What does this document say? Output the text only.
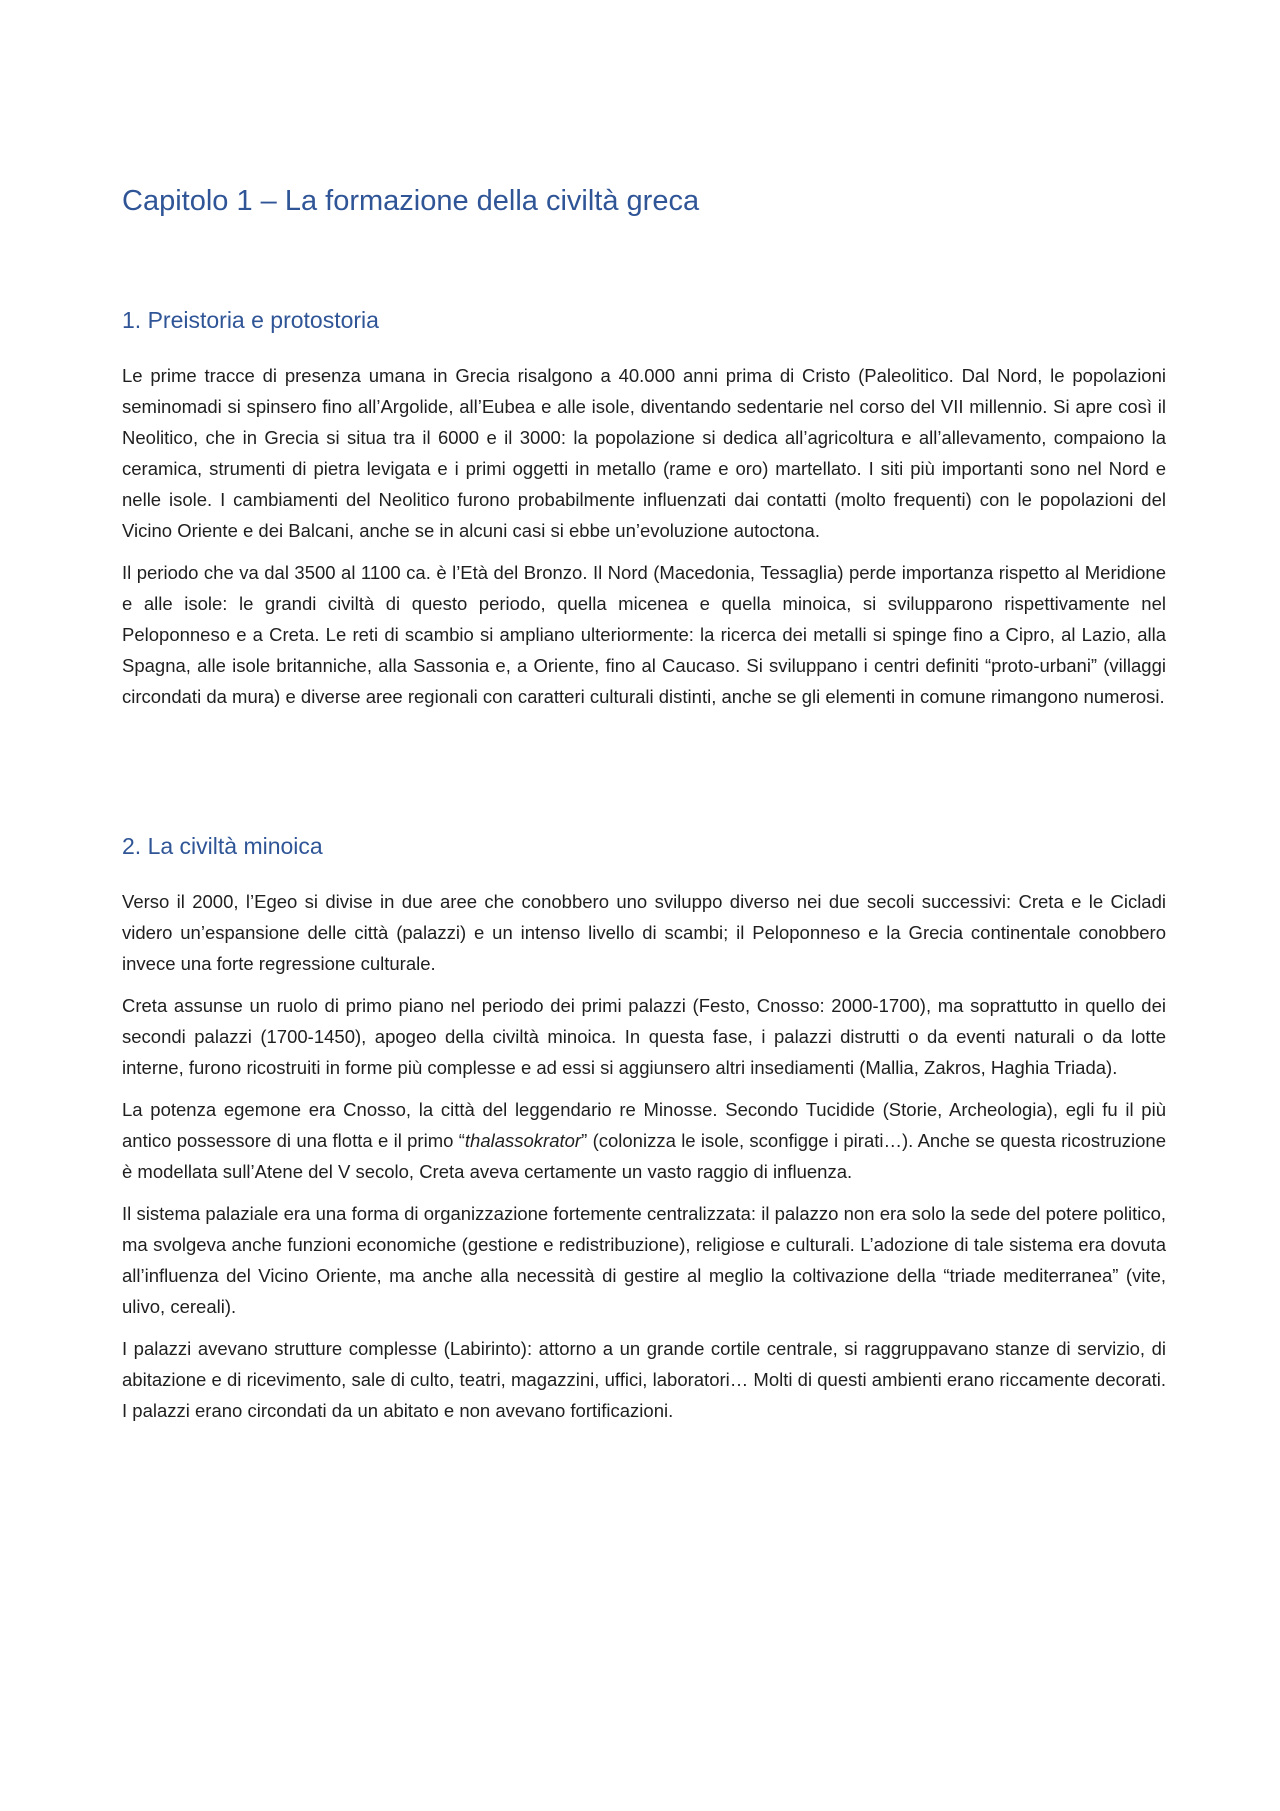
Capitolo 1 – La formazione della civiltà greca
1. Preistoria e protostoria

Le prime tracce di presenza umana in Grecia risalgono a 40.000 anni prima di Cristo (Paleolitico. Dal Nord, le popolazioni seminomadi si spinsero fino all’Argolide, all’Eubea e alle isole, diventando sedentarie nel corso del VII millennio. Si apre così il Neolitico, che in Grecia si situa tra il 6000 e il 3000: la popolazione si dedica all’agricoltura e all’allevamento, compaiono la ceramica, strumenti di pietra levigata e i primi oggetti in metallo (rame e oro) martellato. I siti più importanti sono nel Nord e nelle isole. I cambiamenti del Neolitico furono probabilmente influenzati dai contatti (molto frequenti) con le popolazioni del Vicino Oriente e dei Balcani, anche se in alcuni casi si ebbe un’evoluzione autoctona.

Il periodo che va dal 3500 al 1100 ca. è l’Età del Bronzo. Il Nord (Macedonia, Tessaglia) perde importanza rispetto al Meridione e alle isole: le grandi civiltà di questo periodo, quella micenea e quella minoica, si svilupparono rispettivamente nel Peloponneso e a Creta. Le reti di scambio si ampliano ulteriormente: la ricerca dei metalli si spinge fino a Cipro, al Lazio, alla Spagna, alle isole britanniche, alla Sassonia e, a Oriente, fino al Caucaso. Si sviluppano i centri definiti “proto-urbani” (villaggi circondati da mura) e diverse aree regionali con caratteri culturali distinti, anche se gli elementi in comune rimangono numerosi.

2. La civiltà minoica

Verso il 2000, l’Egeo si divise in due aree che conobbero uno sviluppo diverso nei due secoli successivi: Creta e le Cicladi videro un’espansione delle città (palazzi) e un intenso livello di scambi; il Peloponneso e la Grecia continentale conobbero invece una forte regressione culturale.

Creta assunse un ruolo di primo piano nel periodo dei primi palazzi (Festo, Cnosso: 2000-1700), ma soprattutto in quello dei secondi palazzi (1700-1450), apogeo della civiltà minoica. In questa fase, i palazzi distrutti o da eventi naturali o da lotte interne, furono ricostruiti in forme più complesse e ad essi si aggiunsero altri insediamenti (Mallia, Zakros, Haghia Triada).

La potenza egemone era Cnosso, la città del leggendario re Minosse. Secondo Tucidide (Storie, Archeologia), egli fu il più antico possessore di una flotta e il primo “thalassokrator” (colonizza le isole, sconfigge i pirati…). Anche se questa ricostruzione è modellata sull’Atene del V secolo, Creta aveva certamente un vasto raggio di influenza.

Il sistema palaziale era una forma di organizzazione fortemente centralizzata: il palazzo non era solo la sede del potere politico, ma svolgeva anche funzioni economiche (gestione e redistribuzione), religiose e culturali. L’adozione di tale sistema era dovuta all’influenza del Vicino Oriente, ma anche alla necessità di gestire al meglio la coltivazione della “triade mediterranea” (vite, ulivo, cereali).

I palazzi avevano strutture complesse (Labirinto): attorno a un grande cortile centrale, si raggruppavano stanze di servizio, di abitazione e di ricevimento, sale di culto, teatri, magazzini, uffici, laboratori… Molti di questi ambienti erano riccamente decorati. I palazzi erano circondati da un abitato e non avevano fortificazioni.
